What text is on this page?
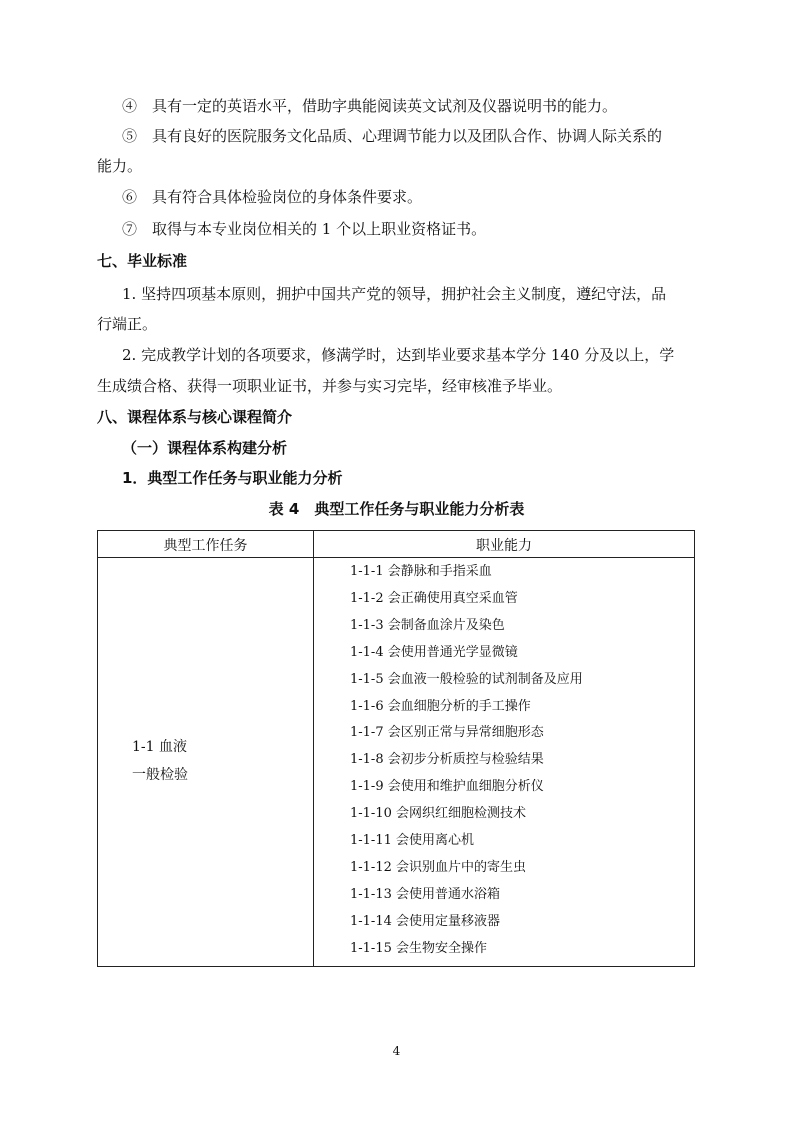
④　具有一定的英语水平，借助字典能阅读英文试剂及仪器说明书的能力。
⑤　具有良好的医院服务文化品质、心理调节能力以及团队合作、协调人际关系的
能力。
⑥　具有符合具体检验岗位的身体条件要求。
⑦　取得与本专业岗位相关的 1 个以上职业资格证书。
七、毕业标准
1. 坚持四项基本原则，拥护中国共产党的领导，拥护社会主义制度，遵纪守法，品
行端正。
2. 完成教学计划的各项要求，修满学时，达到毕业要求基本学分 140 分及以上，学
生成绩合格、获得一项职业证书，并参与实习完毕，经审核准予毕业。
八、课程体系与核心课程简介
（一）课程体系构建分析
1．典型工作任务与职业能力分析
表 4　典型工作任务与职业能力分析表
典型工作任务	职业能力
1-1 血液
一般检验
1-1-1 会静脉和手指采血
1-1-2 会正确使用真空采血管
1-1-3 会制备血涂片及染色
1-1-4 会使用普通光学显微镜
1-1-5 会血液一般检验的试剂制备及应用
1-1-6 会血细胞分析的手工操作
1-1-7 会区别正常与异常细胞形态
1-1-8 会初步分析质控与检验结果
1-1-9 会使用和维护血细胞分析仪
1-1-10 会网织红细胞检测技术
1-1-11 会使用离心机
1-1-12 会识别血片中的寄生虫
1-1-13 会使用普通水浴箱
1-1-14 会使用定量移液器
1-1-15 会生物安全操作
4
